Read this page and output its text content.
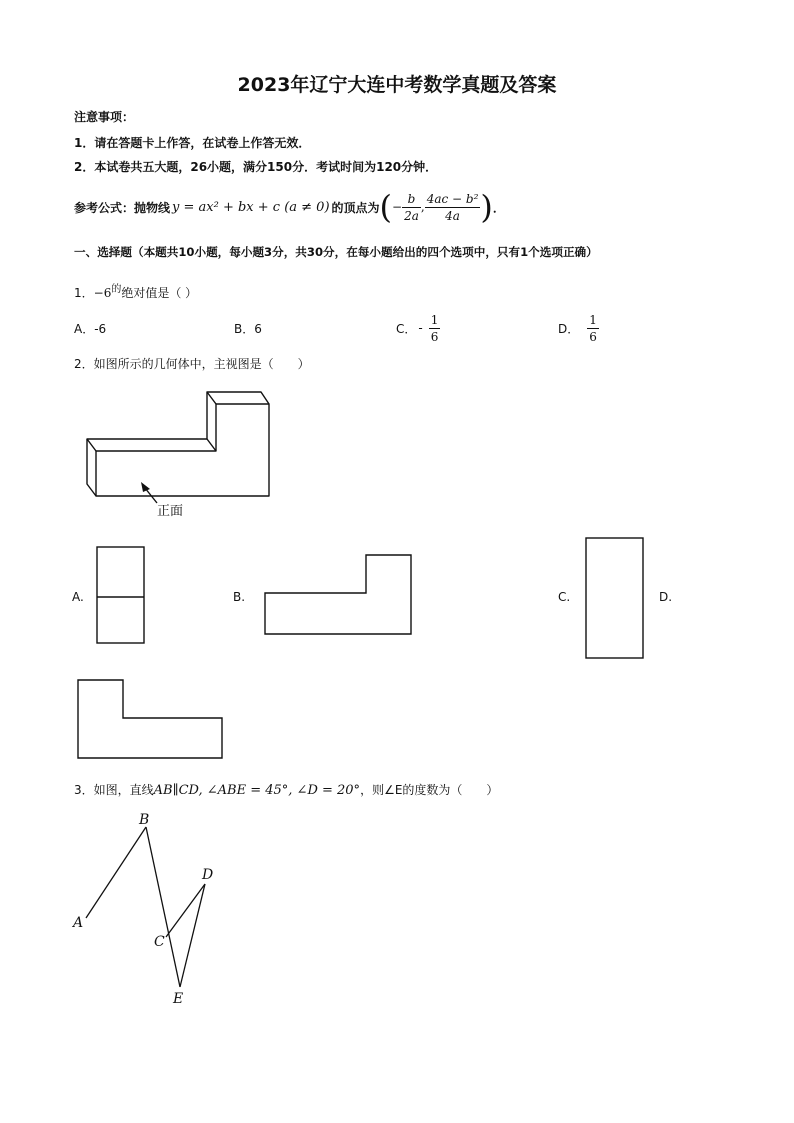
2023年辽宁大连中考数学真题及答案
注意事项：
1．请在答题卡上作答，在试卷上作答无效．
2．本试卷共五大题，26小题，满分150分．考试时间为120分钟．
参考公式：抛物线 y = ax² + bx + c (a ≠ 0) 的顶点为 ( − $\frac{b}{2a}$ , $\frac{\text{4ac − b²}}{4a}$ ) ．
一、选择题（本题共10小题，每小题3分，共30分，在每小题给出的四个选项中，只有1个选项正确）
1．$-6^的$绝对值是（ ）
A．-6	B．6	C． - $\frac{1}{6}$	D． $\frac{1}{6}$
2．如图所示的几何体中，主视图是（　　）
正面
A.	B.	C.	D.
3．如图，直线 AB∥CD, ∠ABE = 45°, ∠D = 20° ，则∠E的度数为（　　）
A
B
C
D
E
